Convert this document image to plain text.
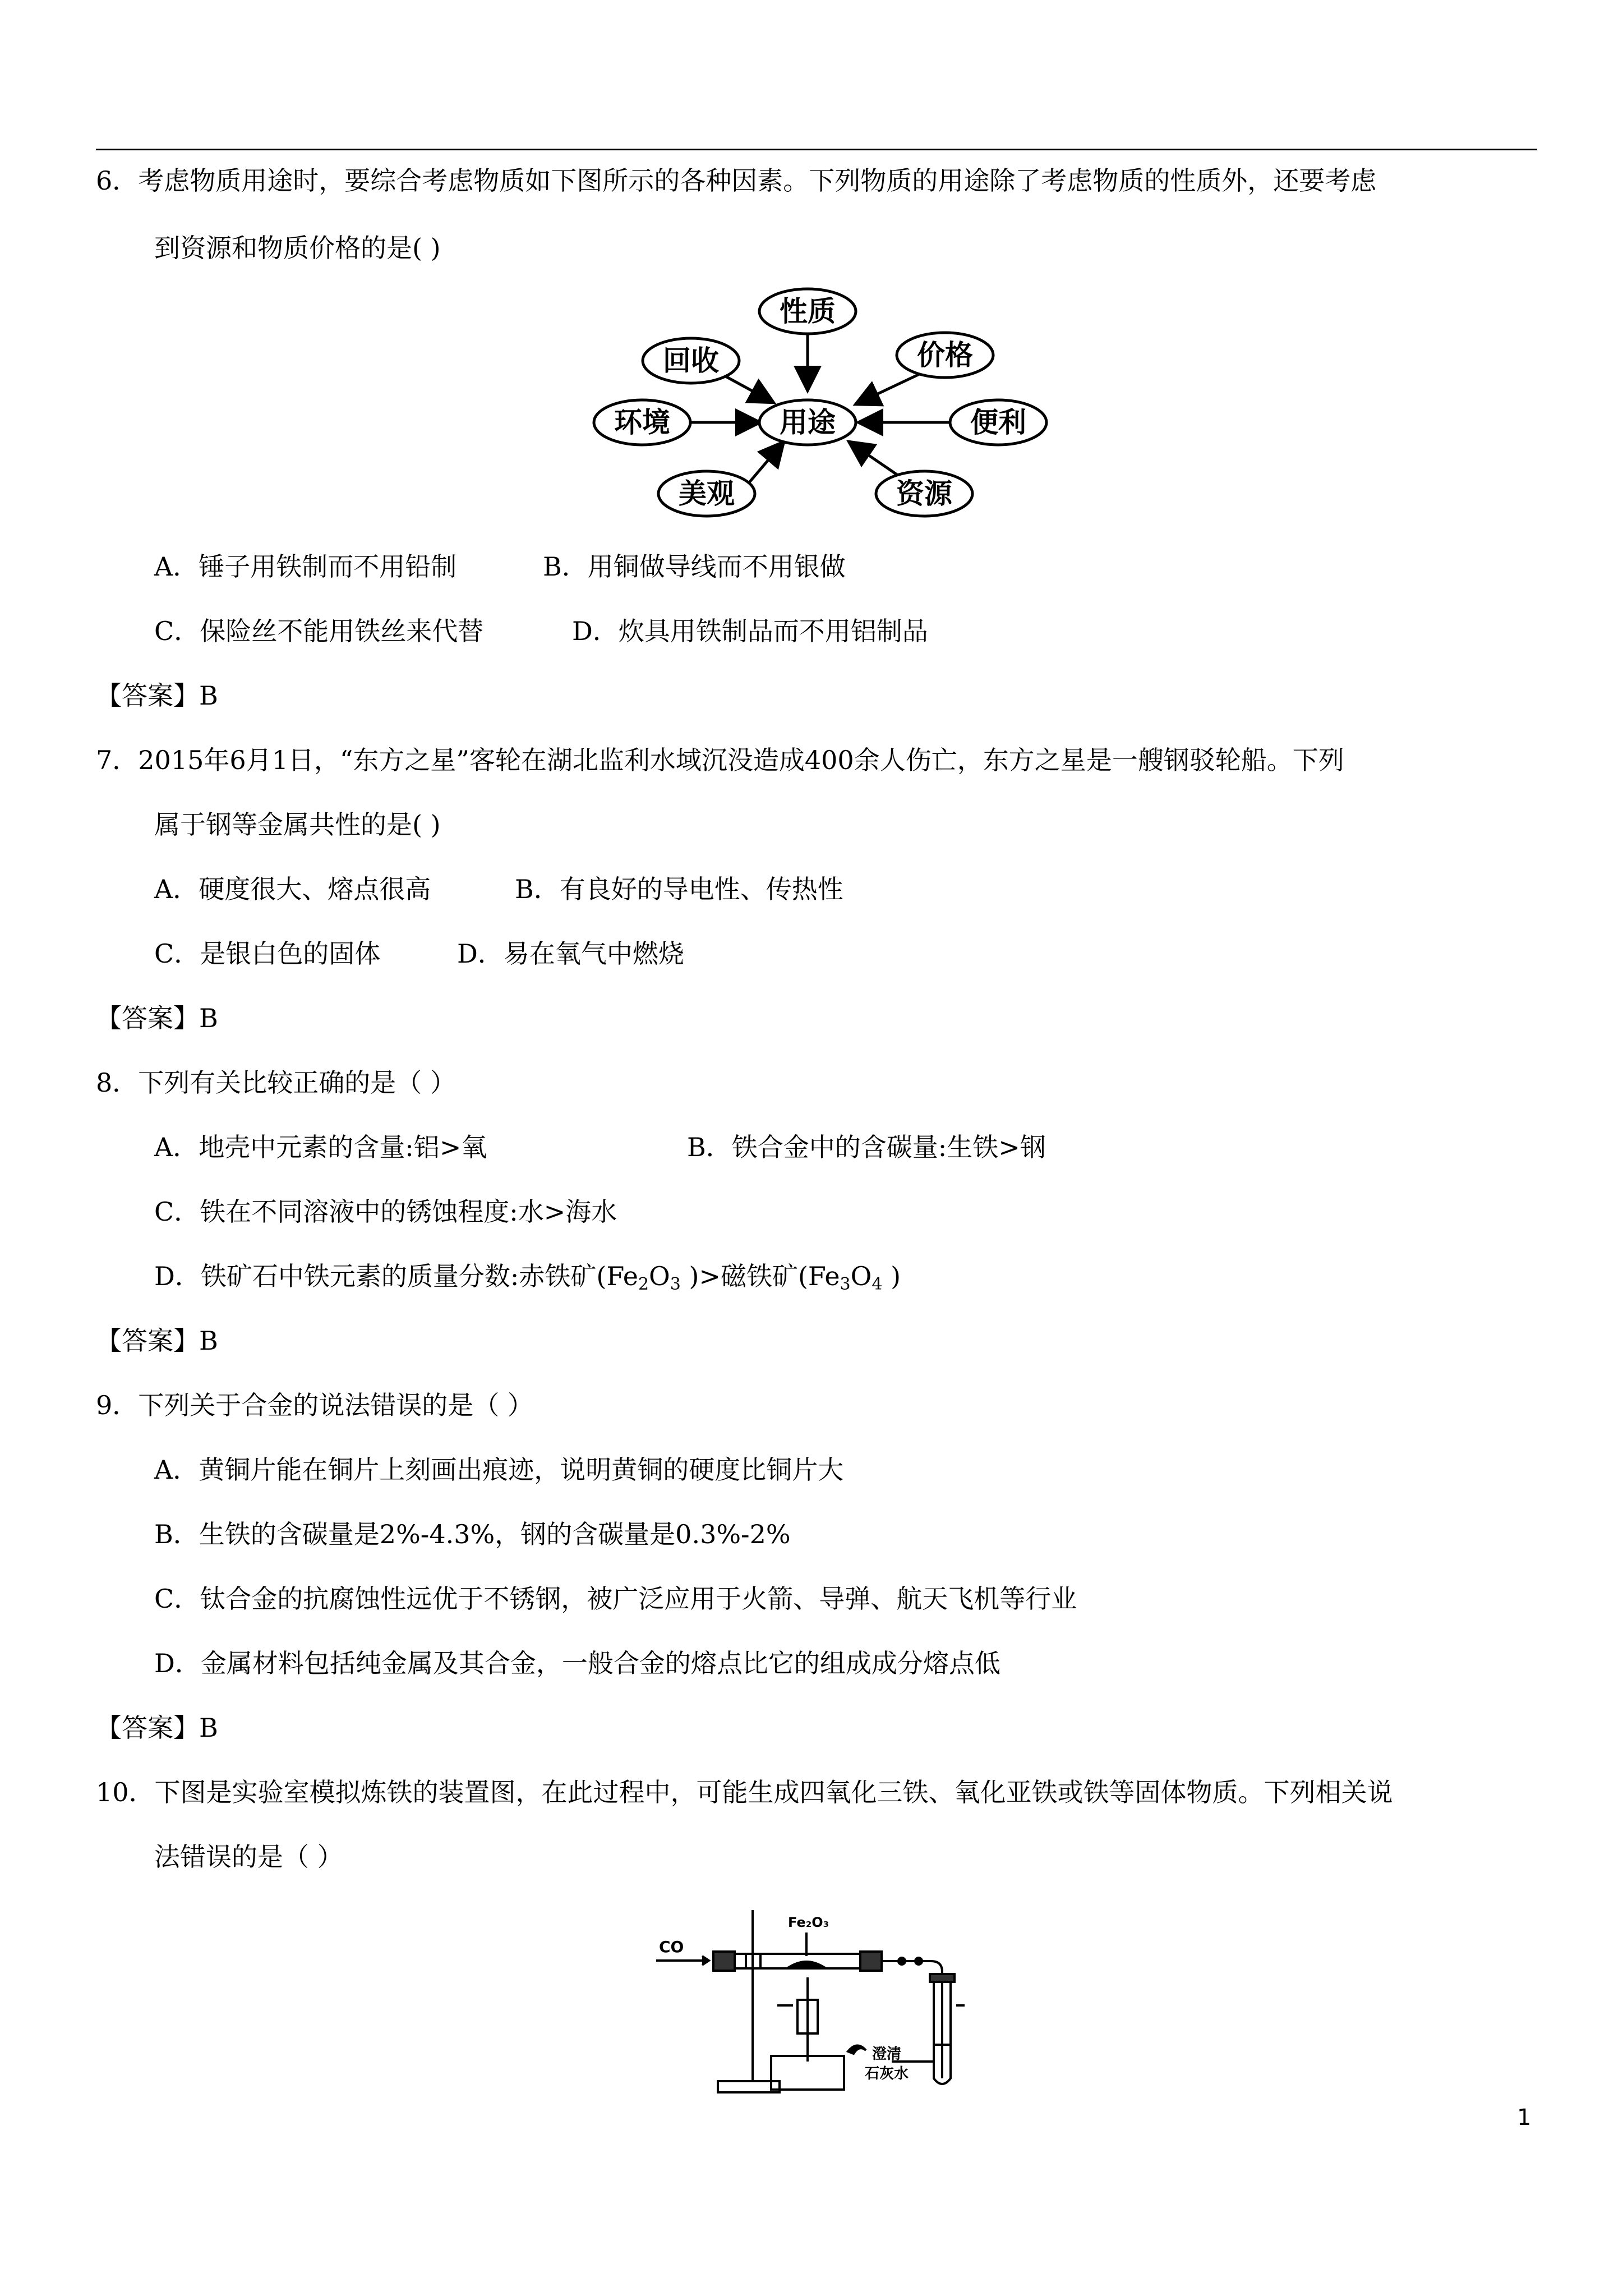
6．考虑物质用途时，要综合考虑物质如下图所示的各种因素。下列物质的用途除了考虑物质的性质外，还要考虑
到资源和物质价格的是( )
性质
回收	价格
环境	用途	便利
美观	资源
A．锤子用铁制而不用铅制	B．用铜做导线而不用银做
C．保险丝不能用铁丝来代替	D．炊具用铁制品而不用铝制品
【答案】B
7．2015年6月1日，“东方之星”客轮在湖北监利水域沉没造成400余人伤亡，东方之星是一艘钢驳轮船。下列
属于钢等金属共性的是( )
A．硬度很大、熔点很高	B．有良好的导电性、传热性
C．是银白色的固体	D．易在氧气中燃烧
【答案】B
8．下列有关比较正确的是（ ）
A．地壳中元素的含量:铝>氧	B．铁合金中的含碳量:生铁>钢
C．铁在不同溶液中的锈蚀程度:水>海水
D．铁矿石中铁元素的质量分数:赤铁矿($Fe_2O_3$ )>磁铁矿($Fe_3O_4$ )
【答案】B
9．下列关于合金的说法错误的是（ ）
A．黄铜片能在铜片上刻画出痕迹，说明黄铜的硬度比铜片大
B．生铁的含碳量是2%-4.3%，钢的含碳量是0.3%-2%
C．钛合金的抗腐蚀性远优于不锈钢，被广泛应用于火箭、导弹、航天飞机等行业
D．金属材料包括纯金属及其合金，一般合金的熔点比它的组成成分熔点低
【答案】B
10．下图是实验室模拟炼铁的装置图，在此过程中，可能生成四氧化三铁、氧化亚铁或铁等固体物质。下列相关说
法错误的是（ ）
CO
Fe₂O₃
澄清
石灰水
1
